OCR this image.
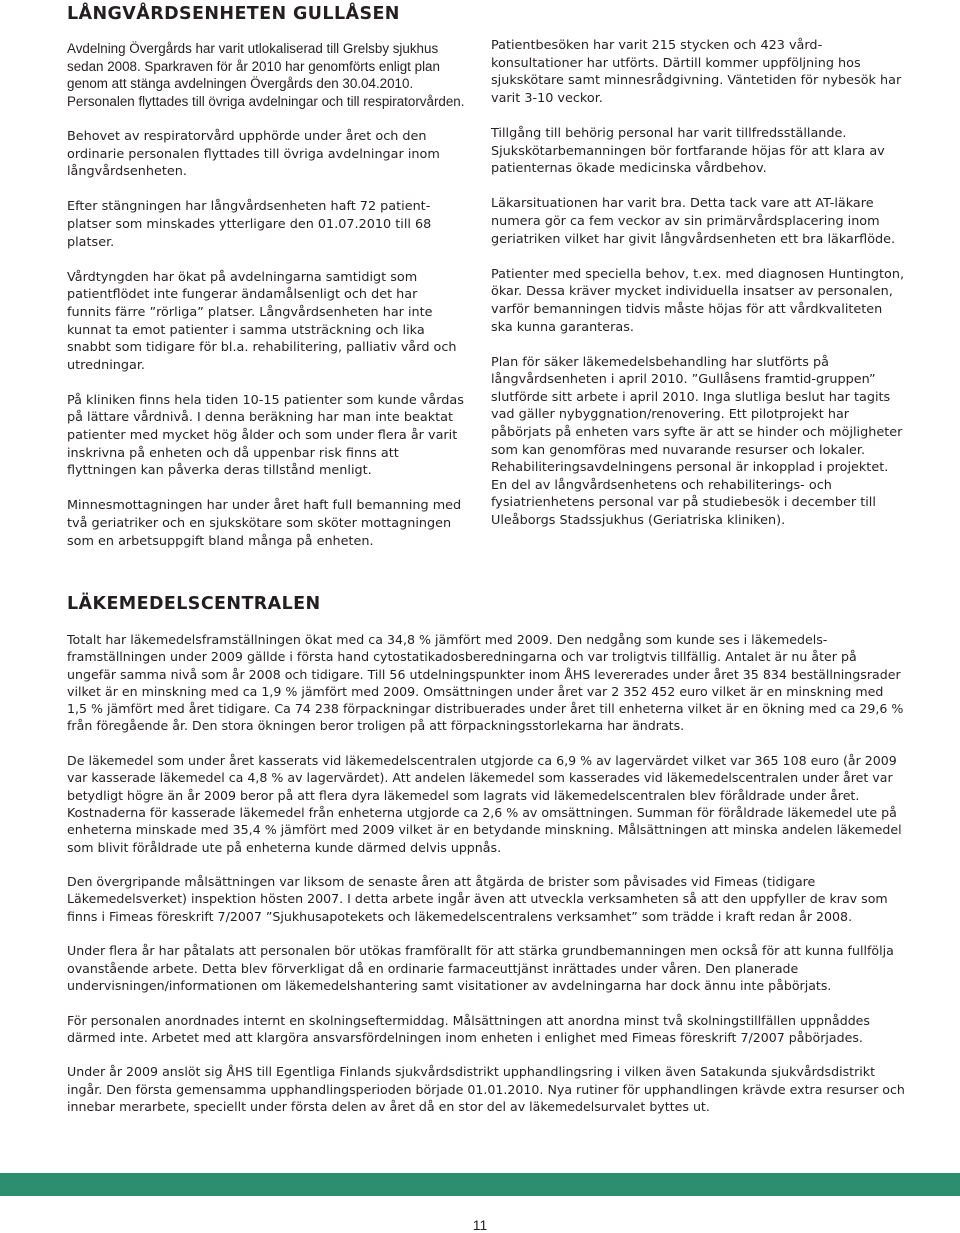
LÅNGVÅRDSENHETEN GULLÅSEN

Avdelning Övergårds har varit utlokaliserad till Grelsby sjukhus sedan 2008. Sparkraven för år 2010 har genomförts enligt plan genom att stänga avdelningen Övergårds den 30.04.2010. Personalen flyttades till övriga avdelningar och till respiratorvården.

Behovet av respiratorvård upphörde under året och den ordinarie personalen flyttades till övriga avdelningar inom långvårdsenheten.

Efter stängningen har långvårdsenheten haft 72 patientplatser som minskades ytterligare den 01.07.2010 till 68 platser.

Vårdtyngden har ökat på avdelningarna samtidigt som patientflödet inte fungerar ändamålsenligt och det har funnits färre ”rörliga” platser. Långvårdsenheten har inte kunnat ta emot patienter i samma utsträckning och lika snabbt som tidigare för bl.a. rehabilitering, palliativ vård och utredningar.

På kliniken finns hela tiden 10-15 patienter som kunde vårdas på lättare vårdnivå. I denna beräkning har man inte beaktat patienter med mycket hög ålder och som under flera år varit inskrivna på enheten och då uppenbar risk finns att flyttningen kan påverka deras tillstånd menligt.

Minnesmottagningen har under året haft full bemanning med två geriatriker och en sjukskötare som sköter mottagningen som en arbetsuppgift bland många på enheten.

Patientbesöken har varit 215 stycken och 423 vårdkonsultationer har utförts. Därtill kommer uppföljning hos sjukskötare samt minnesrådgivning. Väntetiden för nybesök har varit 3-10 veckor.

Tillgång till behörig personal har varit tillfredsställande. Sjukskötarbemanningen bör fortfarande höjas för att klara av patienternas ökade medicinska vårdbehov.

Läkarsituationen har varit bra. Detta tack vare att AT-läkare numera gör ca fem veckor av sin primärvårdsplacering inom geriatriken vilket har givit långvårdsenheten ett bra läkarflöde.

Patienter med speciella behov, t.ex. med diagnosen Huntington, ökar. Dessa kräver mycket individuella insatser av personalen, varför bemanningen tidvis måste höjas för att vårdkvaliteten ska kunna garanteras.

Plan för säker läkemedelsbehandling har slutförts på långvårdsenheten i april 2010. ”Gullåsens framtid-gruppen” slutförde sitt arbete i april 2010. Inga slutliga beslut har tagits vad gäller nybyggnation/renovering. Ett pilotprojekt har påbörjats på enheten vars syfte är att se hinder och möjligheter som kan genomföras med nuvarande resurser och lokaler. Rehabiliteringsavdelningens personal är inkopplad i projektet. En del av långvårdsenhetens och rehabiliterings- och fysiatrienhetens personal var på studiebesök i december till Uleåborgs Stadssjukhus (Geriatriska kliniken).

LÄKEMEDELSCENTRALEN

Totalt har läkemedelsframställningen ökat med ca 34,8 % jämfört med 2009. Den nedgång som kunde ses i läkemedelsframställningen under 2009 gällde i första hand cytostatikadosberedningarna och var troligtvis tillfällig. Antalet är nu åter på ungefär samma nivå som år 2008 och tidigare. Till 56 utdelningspunkter inom ÅHS levererades under året 35 834 beställningsrader vilket är en minskning med ca 1,9 % jämfört med 2009. Omsättningen under året var 2 352 452 euro vilket är en minskning med 1,5 % jämfört med året tidigare. Ca 74 238 förpackningar distribuerades under året till enheterna vilket är en ökning med ca 29,6 % från föregående år. Den stora ökningen beror troligen på att förpackningsstorlekarna har ändrats.

De läkemedel som under året kasserats vid läkemedelscentralen utgjorde ca 6,9 % av lagervärdet vilket var 365 108 euro (år 2009 var kasserade läkemedel ca 4,8 % av lagervärdet). Att andelen läkemedel som kasserades vid läkemedelscentralen under året var betydligt högre än år 2009 beror på att flera dyra läkemedel som lagrats vid läkemedelscentralen blev föråldrade under året. Kostnaderna för kasserade läkemedel från enheterna utgjorde ca 2,6 % av omsättningen. Summan för föråldrade läkemedel ute på enheterna minskade med 35,4 % jämfört med 2009 vilket är en betydande minskning. Målsättningen att minska andelen läkemedel som blivit föråldrade ute på enheterna kunde därmed delvis uppnås.

Den övergripande målsättningen var liksom de senaste åren att åtgärda de brister som påvisades vid Fimeas (tidigare Läkemedelsverket) inspektion hösten 2007. I detta arbete ingår även att utveckla verksamheten så att den uppfyller de krav som finns i Fimeas föreskrift 7/2007 ”Sjukhusapotekets och läkemedelscentralens verksamhet” som trädde i kraft redan år 2008.

Under flera år har påtalats att personalen bör utökas framförallt för att stärka grundbemanningen men också för att kunna fullfölja ovanstående arbete. Detta blev förverkligat då en ordinarie farmaceuttjänst inrättades under våren. Den planerade undervisningen/informationen om läkemedelshantering samt visitationer av avdelningarna har dock ännu inte påbörjats.

För personalen anordnades internt en skolningseftermiddag. Målsättningen att anordna minst två skolningstillfällen uppnåddes därmed inte. Arbetet med att klargöra ansvarsfördelningen inom enheten i enlighet med Fimeas föreskrift 7/2007 påbörjades.

Under år 2009 anslöt sig ÅHS till Egentliga Finlands sjukvårdsdistrikt upphandlingsring i vilken även Satakunda sjukvårdsdistrikt ingår. Den första gemensamma upphandlingsperioden började 01.01.2010. Nya rutiner för upphandlingen krävde extra resurser och innebar merarbete, speciellt under första delen av året då en stor del av läkemedelsurvalet byttes ut.

11
